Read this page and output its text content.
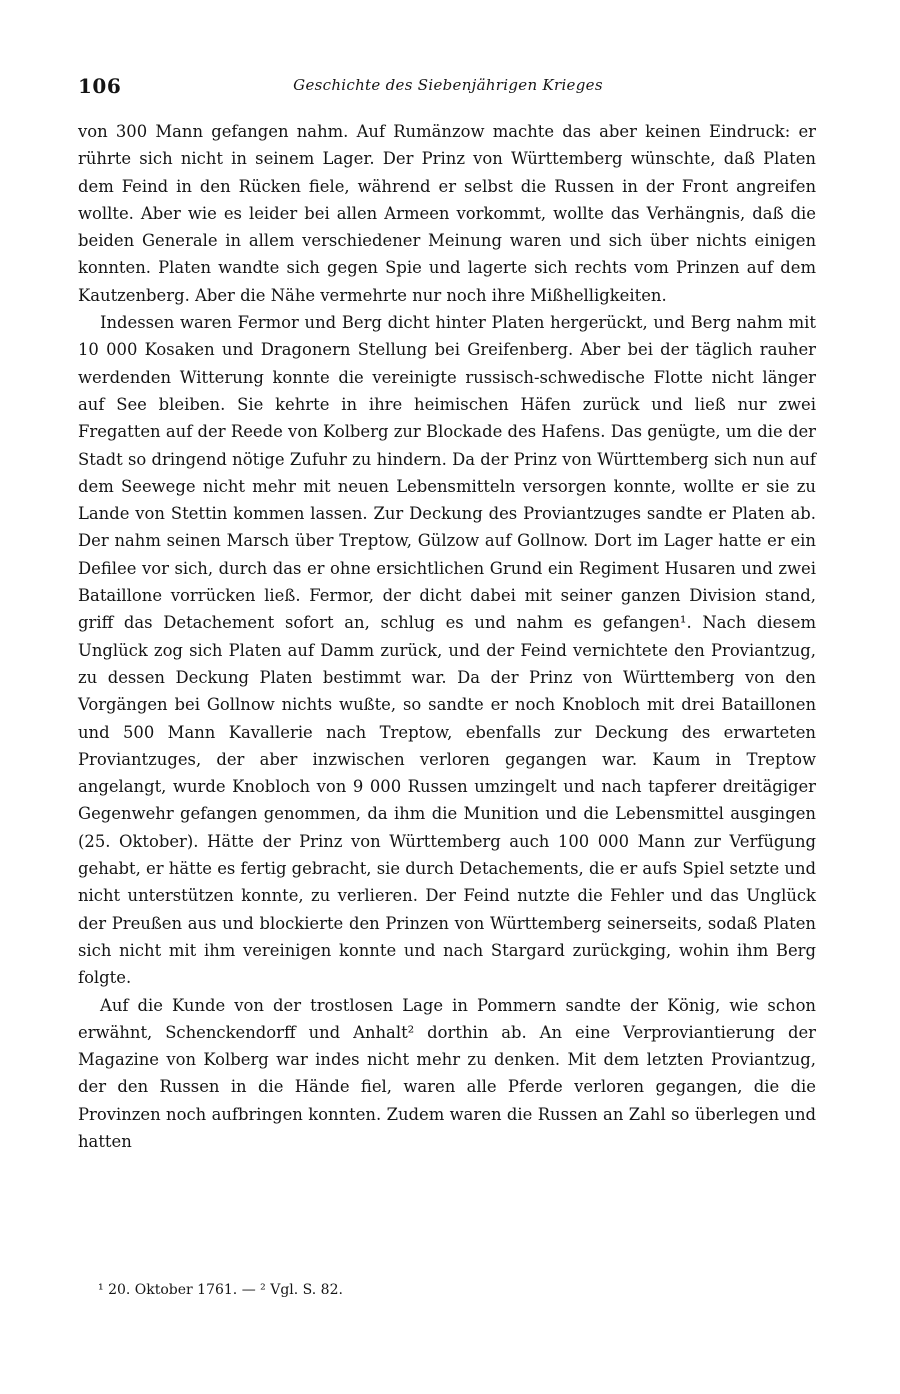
106	Geschichte des Siebenjährigen Krieges

von 300 Mann gefangen nahm. Auf Rumänzow machte das aber keinen Eindruck: er rührte sich nicht in seinem Lager. Der Prinz von Württemberg wünschte, daß Platen dem Feind in den Rücken fiele, während er selbst die Russen in der Front angreifen wollte. Aber wie es leider bei allen Armeen vorkommt, wollte das Verhängnis, daß die beiden Generale in allem verschiedener Meinung waren und sich über nichts einigen konnten. Platen wandte sich gegen Spie und lagerte sich rechts vom Prinzen auf dem Kautzenberg. Aber die Nähe vermehrte nur noch ihre Mißhelligkeiten.

Indessen waren Fermor und Berg dicht hinter Platen hergerückt, und Berg nahm mit 10 000 Kosaken und Dragonern Stellung bei Greifenberg. Aber bei der täglich rauher werdenden Witterung konnte die vereinigte russisch-schwedische Flotte nicht länger auf See bleiben. Sie kehrte in ihre heimischen Häfen zurück und ließ nur zwei Fregatten auf der Reede von Kolberg zur Blockade des Hafens. Das genügte, um die der Stadt so dringend nötige Zufuhr zu hindern. Da der Prinz von Württemberg sich nun auf dem Seewege nicht mehr mit neuen Lebensmitteln versorgen konnte, wollte er sie zu Lande von Stettin kommen lassen. Zur Deckung des Proviantzuges sandte er Platen ab. Der nahm seinen Marsch über Treptow, Gülzow auf Gollnow. Dort im Lager hatte er ein Defilee vor sich, durch das er ohne ersichtlichen Grund ein Regiment Husaren und zwei Bataillone vorrücken ließ. Fermor, der dicht dabei mit seiner ganzen Division stand, griff das Detachement sofort an, schlug es und nahm es gefangen¹. Nach diesem Unglück zog sich Platen auf Damm zurück, und der Feind vernichtete den Proviantzug, zu dessen Deckung Platen bestimmt war. Da der Prinz von Württemberg von den Vorgängen bei Gollnow nichts wußte, so sandte er noch Knobloch mit drei Bataillonen und 500 Mann Kavallerie nach Treptow, ebenfalls zur Deckung des erwarteten Proviantzuges, der aber inzwischen verloren gegangen war. Kaum in Treptow angelangt, wurde Knobloch von 9 000 Russen umzingelt und nach tapferer dreitägiger Gegenwehr gefangen genommen, da ihm die Munition und die Lebensmittel ausgingen (25. Oktober). Hätte der Prinz von Württemberg auch 100 000 Mann zur Verfügung gehabt, er hätte es fertig gebracht, sie durch Detachements, die er aufs Spiel setzte und nicht unterstützen konnte, zu verlieren. Der Feind nutzte die Fehler und das Unglück der Preußen aus und blockierte den Prinzen von Württemberg seinerseits, sodaß Platen sich nicht mit ihm vereinigen konnte und nach Stargard zurückging, wohin ihm Berg folgte.

Auf die Kunde von der trostlosen Lage in Pommern sandte der König, wie schon erwähnt, Schenckendorff und Anhalt² dorthin ab. An eine Verproviantierung der Magazine von Kolberg war indes nicht mehr zu denken. Mit dem letzten Proviantzug, der den Russen in die Hände fiel, waren alle Pferde verloren gegangen, die die Provinzen noch aufbringen konnten. Zudem waren die Russen an Zahl so überlegen und hatten

¹ 20. Oktober 1761. — ² Vgl. S. 82.
